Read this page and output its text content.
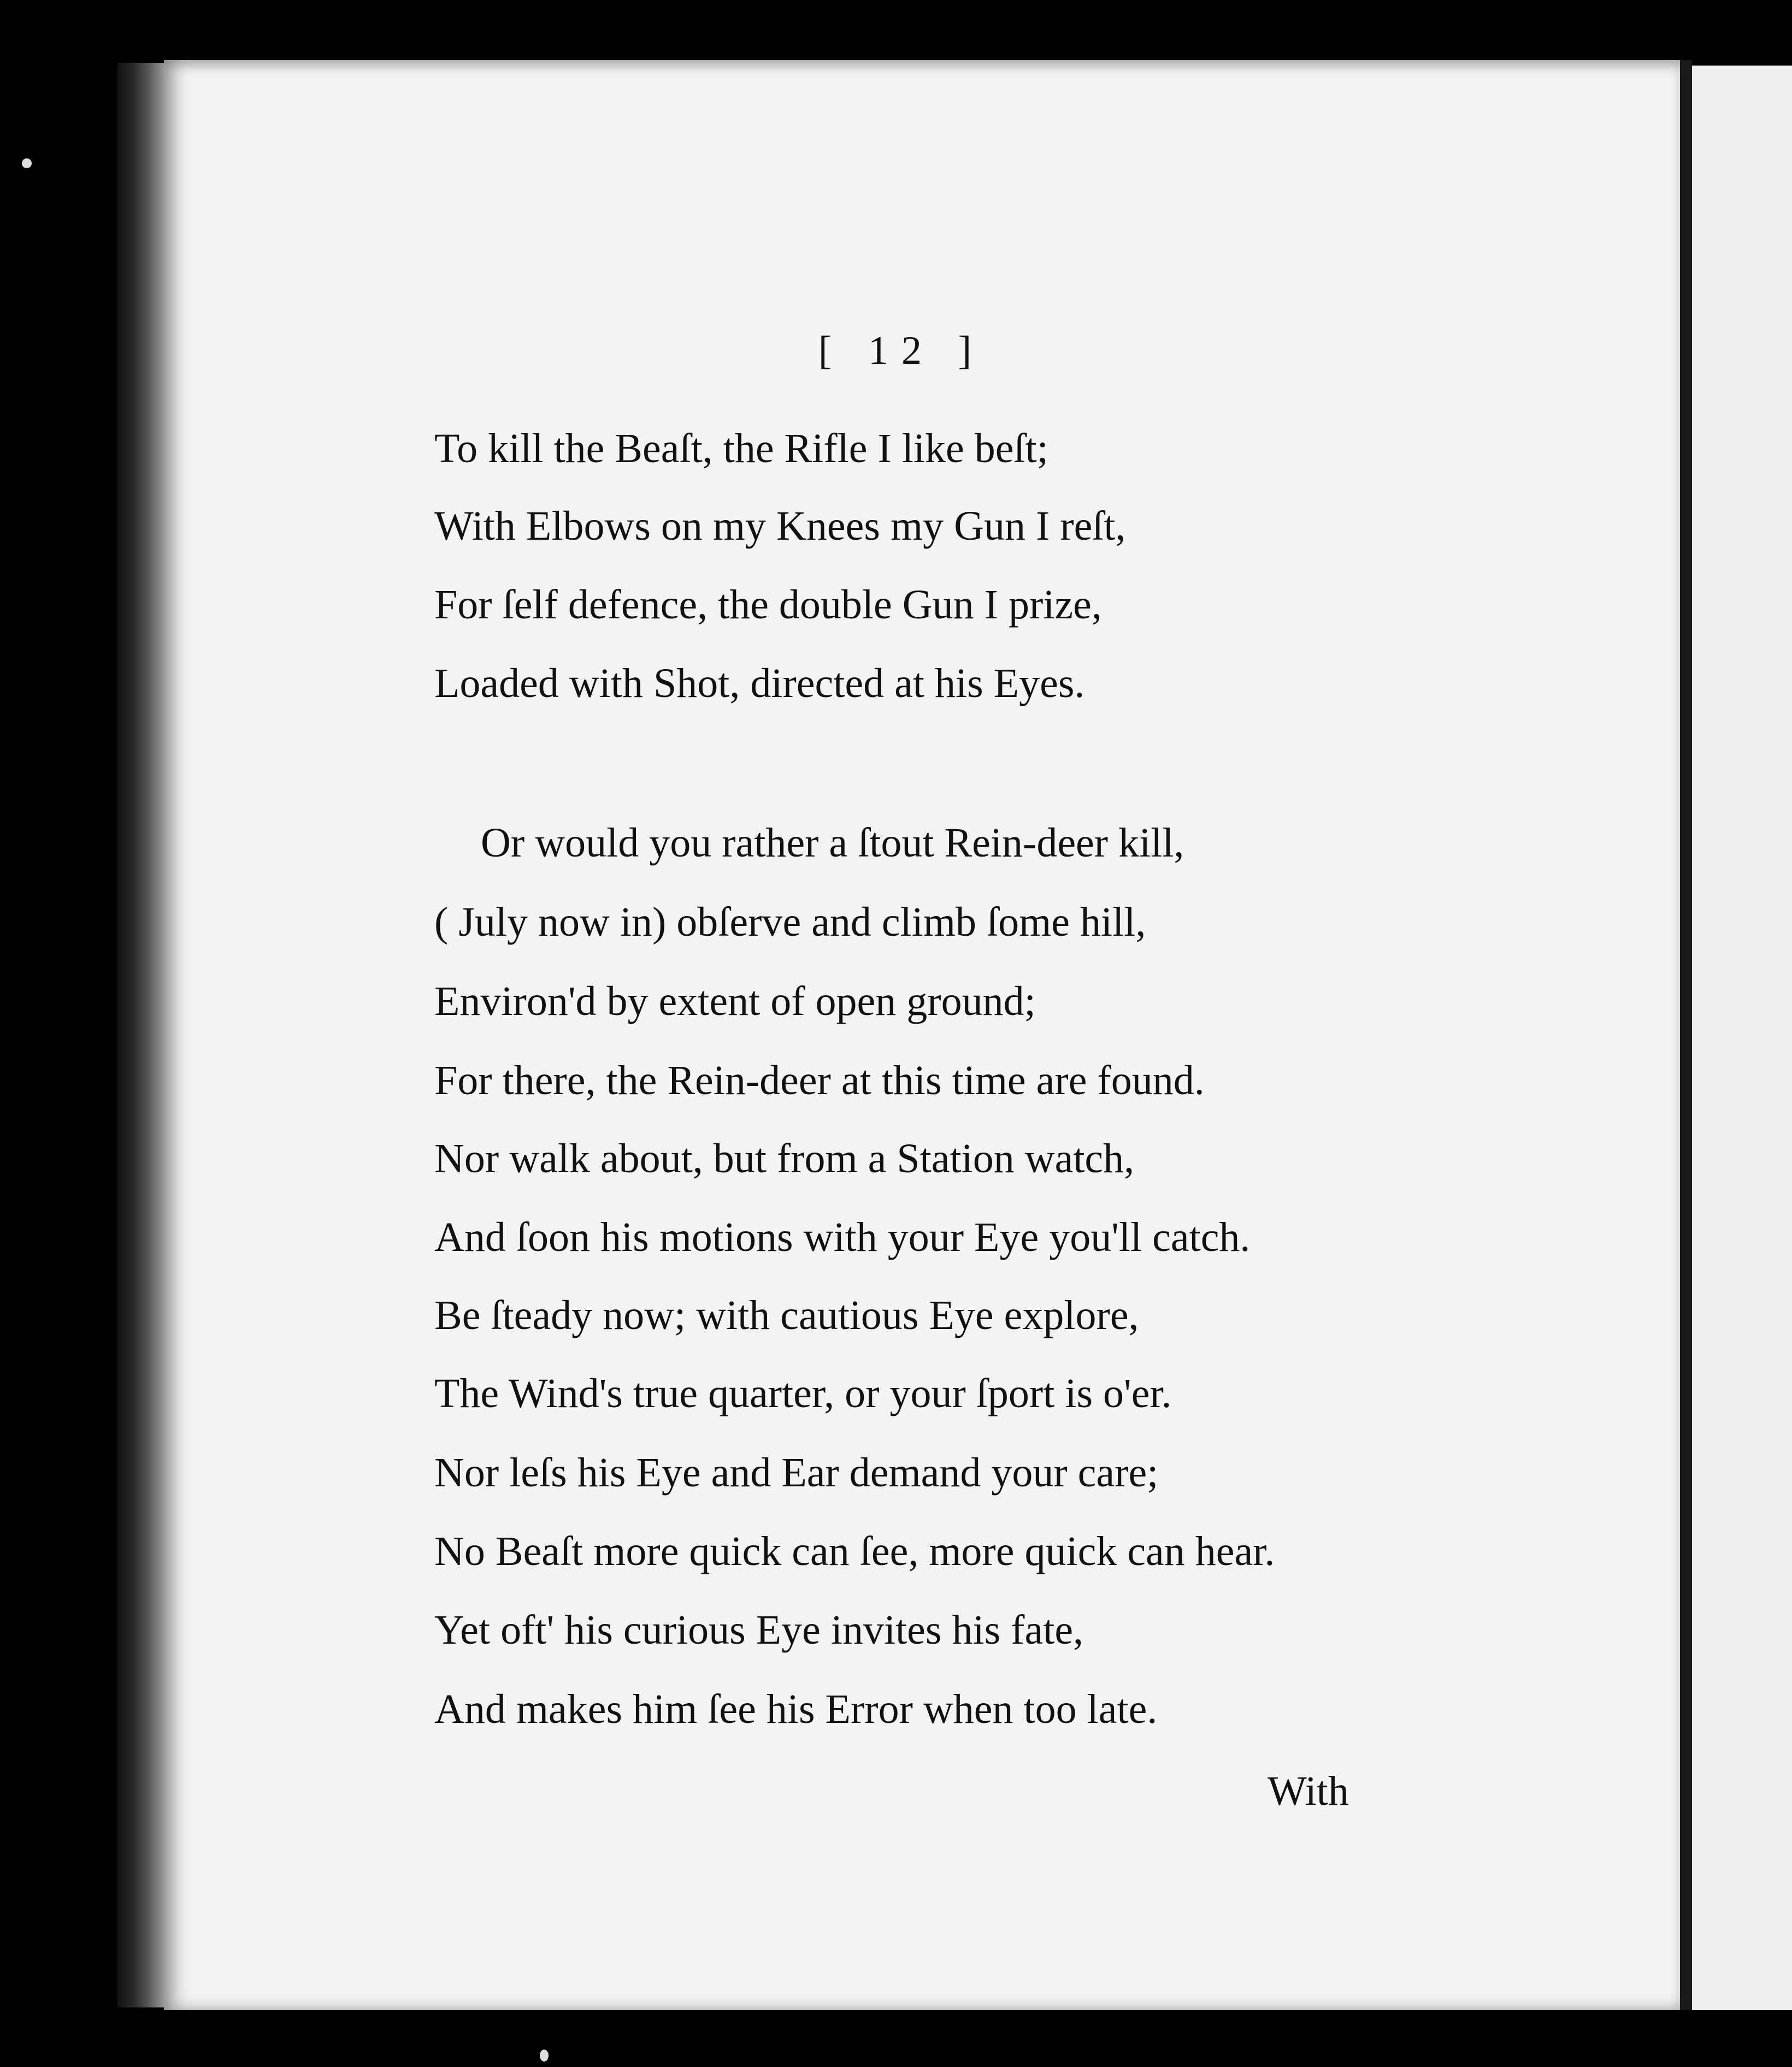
[ 12 ]
To kill the Beaſt, the Rifle I like beſt;
With Elbows on my Knees my Gun I reſt,
For ſelf defence, the double Gun I prize,
Loaded with Shot, directed at his Eyes.
Or would you rather a ſtout Rein-deer kill,
( July now in) obſerve and climb ſome hill,
Environ'd by extent of open ground;
For there, the Rein-deer at this time are found.
Nor walk about, but from a Station watch,
And ſoon his motions with your Eye you'll catch.
Be ſteady now; with cautious Eye explore,
The Wind's true quarter, or your ſport is o'er.
Nor leſs his Eye and Ear demand your care;
No Beaſt more quick can ſee, more quick can hear.
Yet oft' his curious Eye invites his fate,
And makes him ſee his Error when too late.
With
